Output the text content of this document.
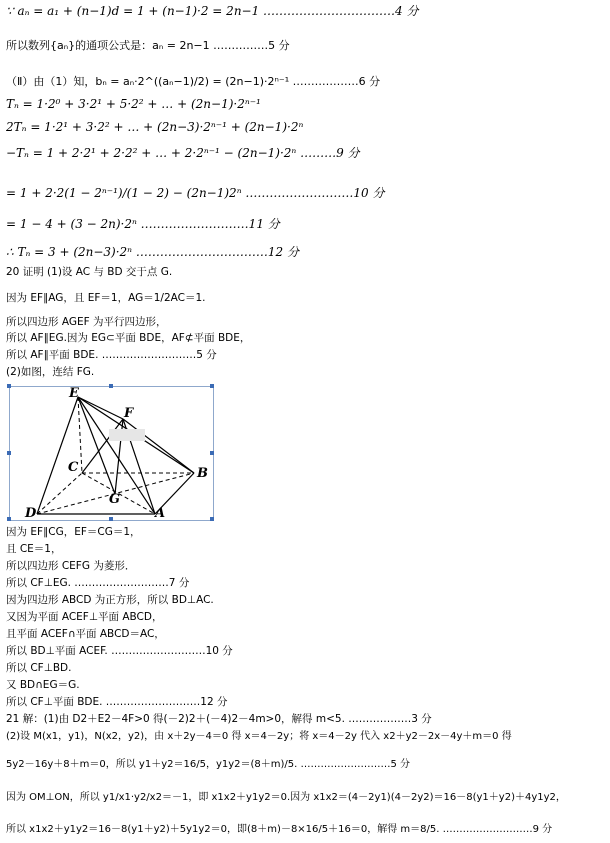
∵ aₙ = a₁ + (n−1)d = 1 + (n−1)·2 = 2n−1 ……………………………4 分
所以数列{aₙ}的通项公式是：aₙ = 2n−1 ……………5 分
（Ⅱ）由（1）知，bₙ = aₙ·2^((aₙ−1)/2) = (2n−1)·2ⁿ⁻¹ ………………6 分
Tₙ = 1·2⁰ + 3·2¹ + 5·2² + … + (2n−1)·2ⁿ⁻¹
2Tₙ = 1·2¹ + 3·2² + … + (2n−3)·2ⁿ⁻¹ + (2n−1)·2ⁿ
−Tₙ = 1 + 2·2¹ + 2·2² + … + 2·2ⁿ⁻¹ − (2n−1)·2ⁿ ………9 分
= 1 + 2·2(1 − 2ⁿ⁻¹)/(1 − 2) − (2n−1)2ⁿ ………………………10 分
= 1 − 4 + (3 − 2n)·2ⁿ ………………………11 分
∴ Tₙ = 3 + (2n−3)·2ⁿ ……………………………12 分
20 证明 (1)设 AC 与 BD 交于点 G.
因为 EF∥AG，且 EF＝1，AG＝1/2AC＝1.
所以四边形 AGEF 为平行四边形，
所以 AF∥EG.因为 EG⊂平面 BDE，AF⊄平面 BDE，
所以 AF∥平面 BDE. ………………………5 分
(2)如图，连结 FG.
E
F
C	B
G
D	A
因为 EF∥CG，EF＝CG＝1，
且 CE＝1，
所以四边形 CEFG 为菱形．
所以 CF⊥EG. ………………………7 分
因为四边形 ABCD 为正方形，所以 BD⊥AC.
又因为平面 ACEF⊥平面 ABCD，
且平面 ACEF∩平面 ABCD＝AC，
所以 BD⊥平面 ACEF. ………………………10 分
所以 CF⊥BD.
又 BD∩EG＝G.
所以 CF⊥平面 BDE. ………………………12 分
21 解：(1)由 D2＋E2－4F>0 得(－2)2＋(－4)2－4m>0，解得 m<5. ………………3 分
(2)设 M(x1，y1)，N(x2，y2)，由 x＋2y－4＝0 得 x＝4－2y；将 x＝4－2y 代入 x2＋y2－2x－4y＋m＝0 得
5y2－16y＋8＋m＝0，所以 y1＋y2＝16/5，y1y2＝(8＋m)/5. ………………………5 分
因为 OM⊥ON，所以 y1/x1·y2/x2＝－1，即 x1x2＋y1y2＝0.因为 x1x2＝(4－2y1)(4－2y2)＝16－8(y1＋y2)＋4y1y2，
所以 x1x2＋y1y2＝16－8(y1＋y2)＋5y1y2＝0，即(8＋m)－8×16/5＋16＝0，解得 m＝8/5. ………………………9 分
